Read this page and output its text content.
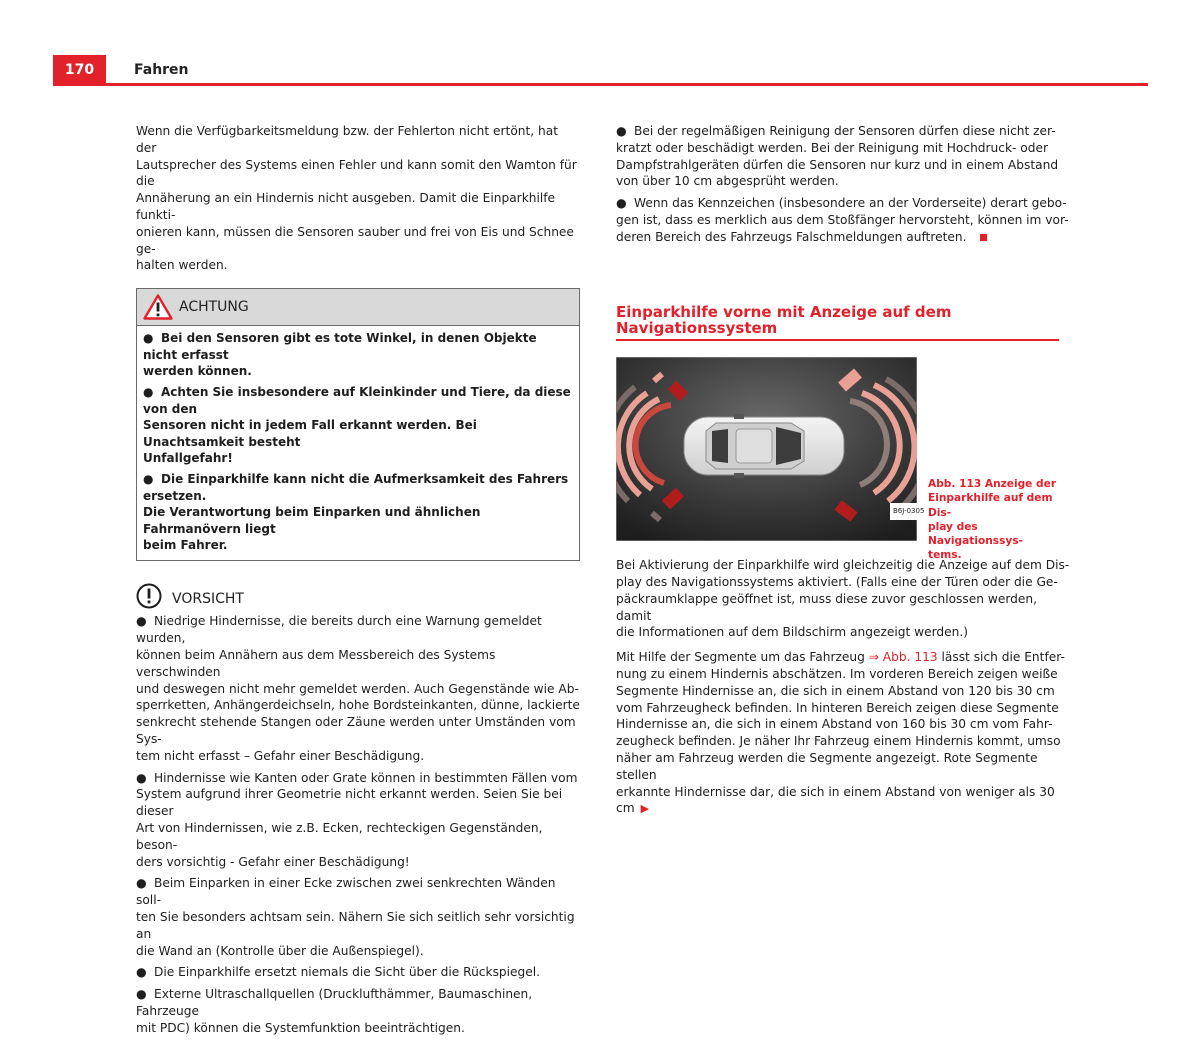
170	Fahren

Wenn die Verfügbarkeitsmeldung bzw. der Fehlerton nicht ertönt, hat der
Lautsprecher des Systems einen Fehler und kann somit den Wamton für die
Annäherung an ein Hindernis nicht ausgeben. Damit die Einparkhilfe funkti-
onieren kann, müssen die Sensoren sauber und frei von Eis und Schnee ge-
halten werden.

ACHTUNG
● Bei den Sensoren gibt es tote Winkel, in denen Objekte nicht erfasst
werden können.
● Achten Sie insbesondere auf Kleinkinder und Tiere, da diese von den
Sensoren nicht in jedem Fall erkannt werden. Bei Unachtsamkeit besteht
Unfallgefahr!
● Die Einparkhilfe kann nicht die Aufmerksamkeit des Fahrers ersetzen.
Die Verantwortung beim Einparken und ähnlichen Fahrmanövern liegt
beim Fahrer.
VORSICHT
● Niedrige Hindernisse, die bereits durch eine Warnung gemeldet wurden,
können beim Annähern aus dem Messbereich des Systems verschwinden
und deswegen nicht mehr gemeldet werden. Auch Gegenstände wie Ab-
sperrketten, Anhängerdeichseln, hohe Bordsteinkanten, dünne, lackierte
senkrecht stehende Stangen oder Zäune werden unter Umständen vom Sys-
tem nicht erfasst – Gefahr einer Beschädigung.
● Hindernisse wie Kanten oder Grate können in bestimmten Fällen vom
System aufgrund ihrer Geometrie nicht erkannt werden. Seien Sie bei dieser
Art von Hindernissen, wie z.B. Ecken, rechteckigen Gegenständen, beson-
ders vorsichtig - Gefahr einer Beschädigung!
● Beim Einparken in einer Ecke zwischen zwei senkrechten Wänden soll-
ten Sie besonders achtsam sein. Nähern Sie sich seitlich sehr vorsichtig an
die Wand an (Kontrolle über die Außenspiegel).
● Die Einparkhilfe ersetzt niemals die Sicht über die Rückspiegel.
● Externe Ultraschallquellen (Drucklufthämmer, Baumaschinen, Fahrzeuge
mit PDC) können die Systemfunktion beeinträchtigen.
● Bei der regelmäßigen Reinigung der Sensoren dürfen diese nicht zer-
kratzt oder beschädigt werden. Bei der Reinigung mit Hochdruck- oder
Dampfstrahlgeräten dürfen die Sensoren nur kurz und in einem Abstand
von über 10 cm abgesprüht werden.
● Wenn das Kennzeichen (insbesondere an der Vorderseite) derart gebo-
gen ist, dass es merklich aus dem Stoßfänger hervorsteht, können im vor-
deren Bereich des Fahrzeugs Falschmeldungen auftreten.
Einparkhilfe vorne mit Anzeige auf dem Navigationssystem
B6J-0305
Abb. 113 Anzeige der
Einparkhilfe auf dem Dis-
play des Navigationssys-
tems.

Bei Aktivierung der Einparkhilfe wird gleichzeitig die Anzeige auf dem Dis-
play des Navigationssystems aktiviert. (Falls eine der Türen oder die Ge-
päckraumklappe geöffnet ist, muss diese zuvor geschlossen werden, damit
die Informationen auf dem Bildschirm angezeigt werden.)

Mit Hilfe der Segmente um das Fahrzeug ⇒ Abb. 113 lässt sich die Entfer-
nung zu einem Hindernis abschätzen. Im vorderen Bereich zeigen weiße
Segmente Hindernisse an, die sich in einem Abstand von 120 bis 30 cm
vom Fahrzeugheck befinden. In hinteren Bereich zeigen diese Segmente
Hindernisse an, die sich in einem Abstand von 160 bis 30 cm vom Fahr-
zeugheck befinden. Je näher Ihr Fahrzeug einem Hindernis kommt, umso
näher am Fahrzeug werden die Segmente angezeigt. Rote Segmente stellen
erkannte Hindernisse dar, die sich in einem Abstand von weniger als 30 cm ▶
